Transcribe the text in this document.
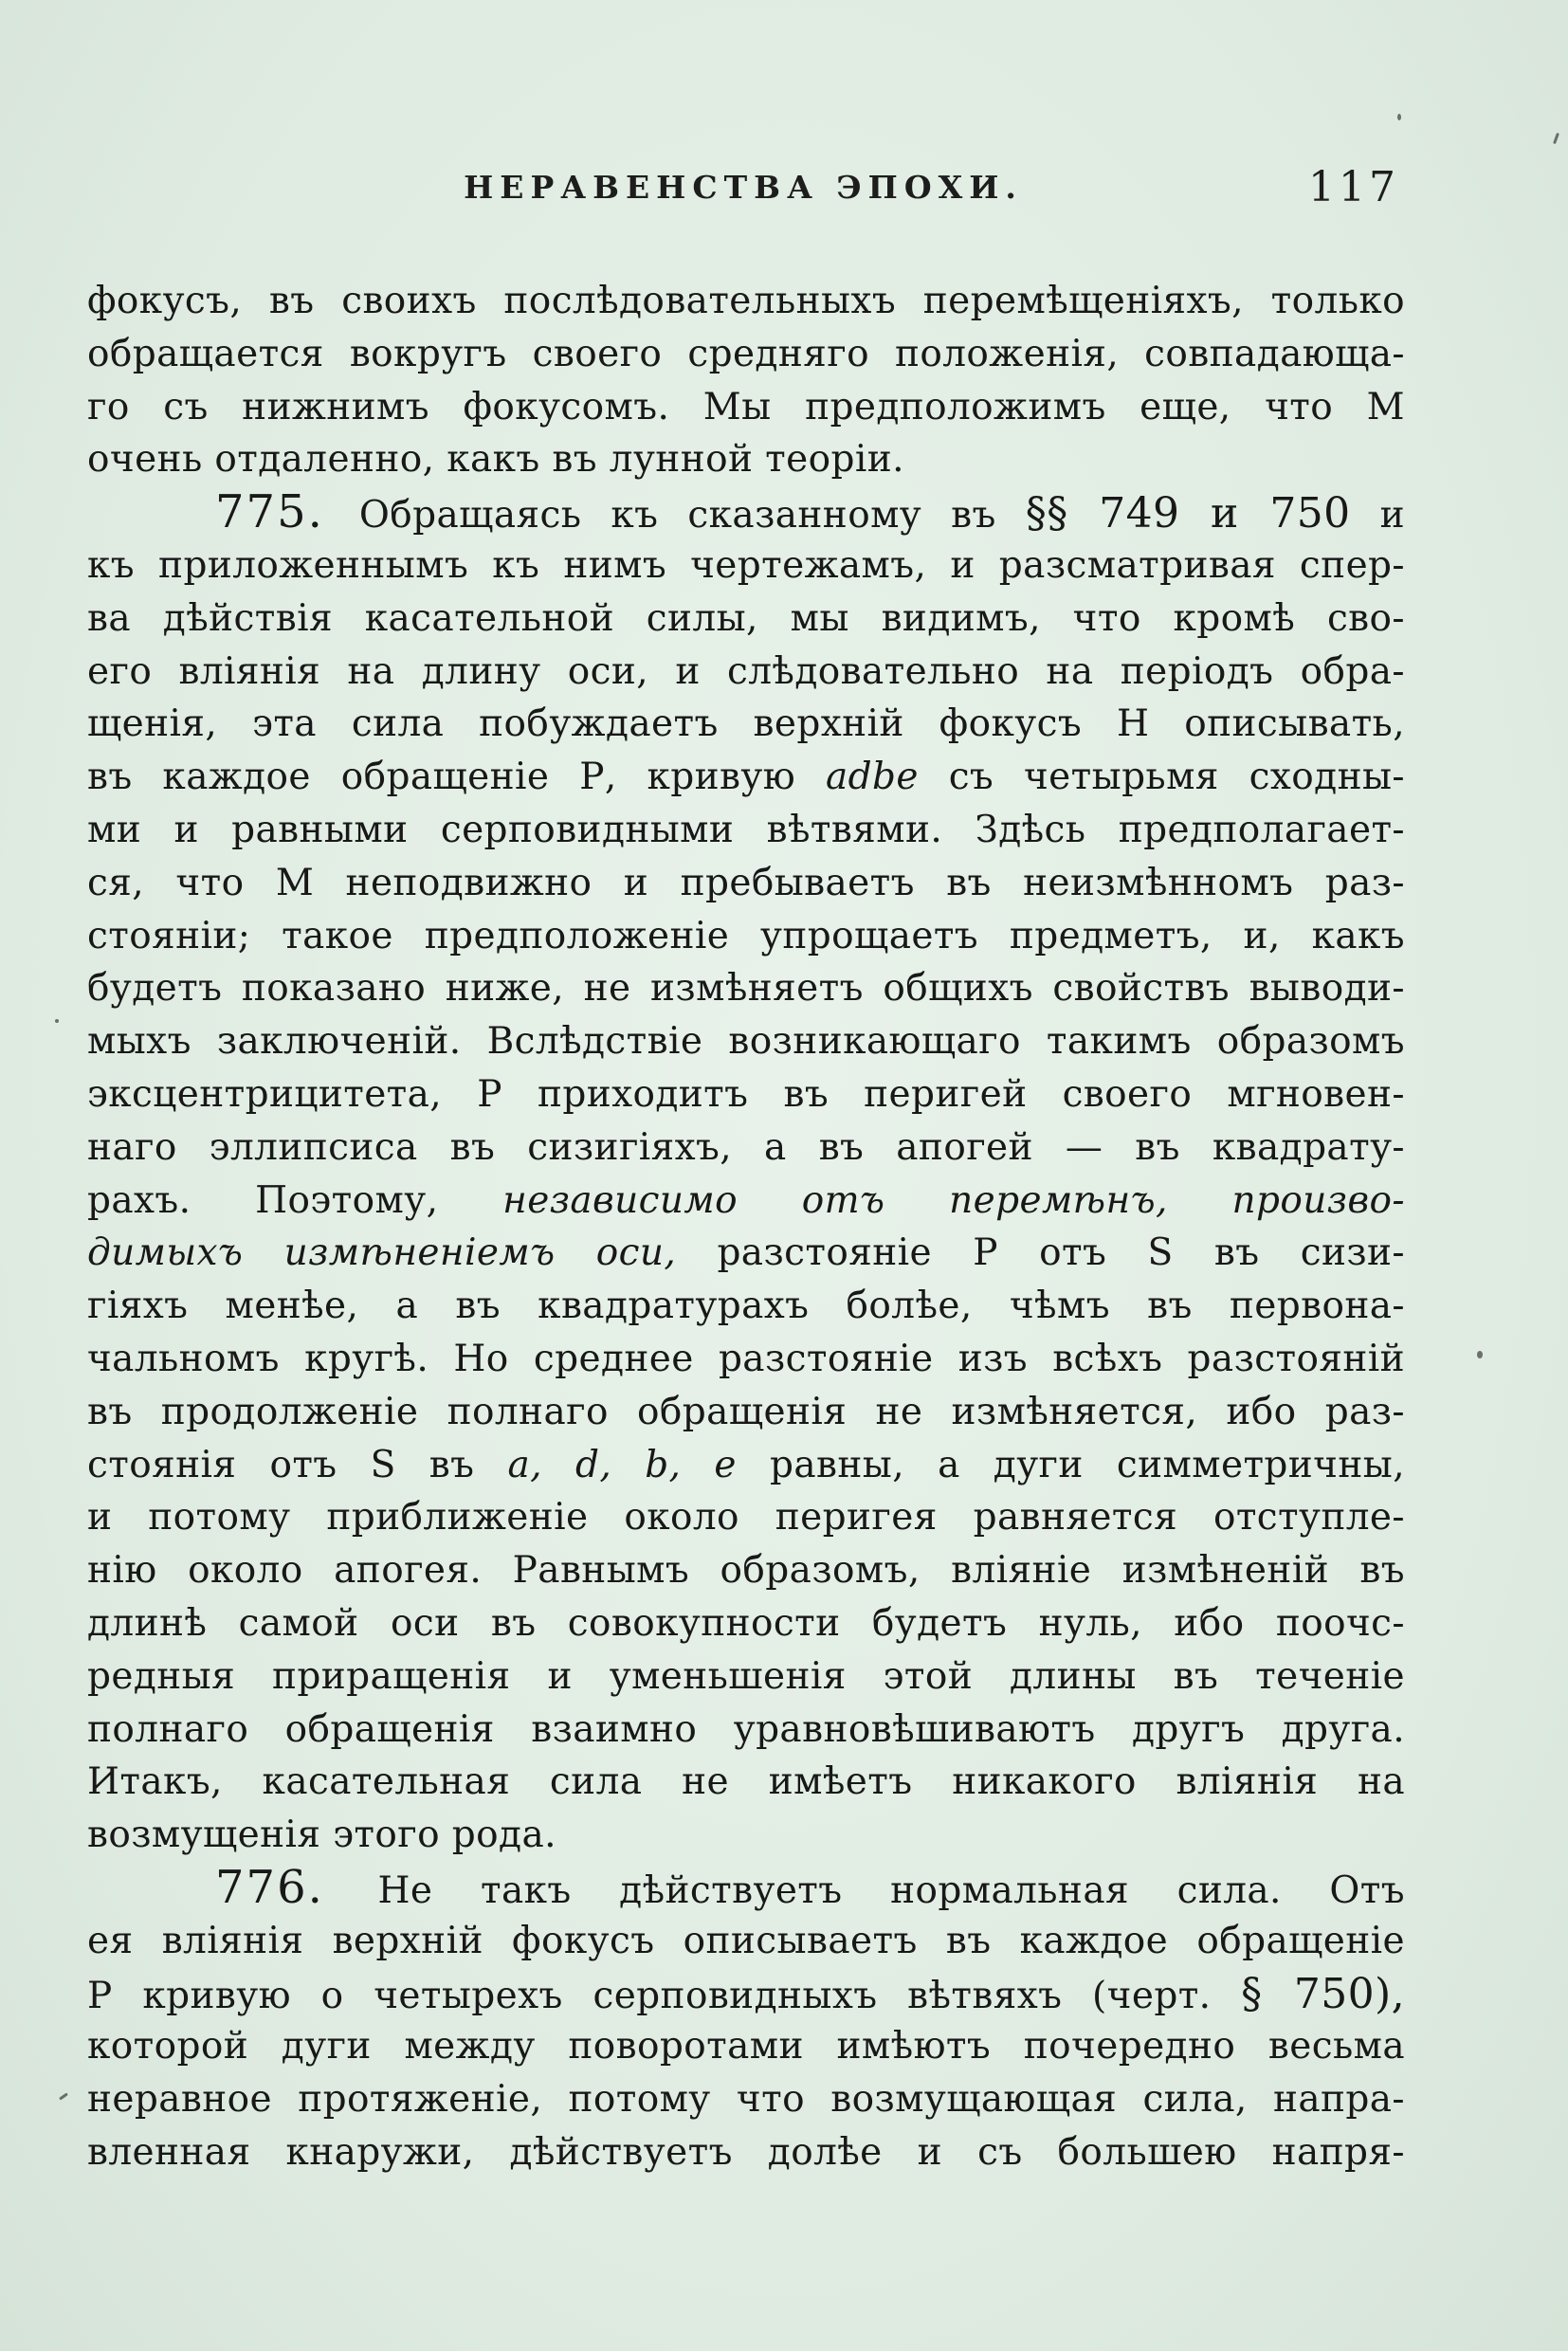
НЕРАВЕНСТВА ЭПОХИ.	117
фокусъ, въ своихъ послѣдовательныхъ перемѣщеніяхъ, только
обращается вокругъ своего средняго положенія, совпадающа-
го съ нижнимъ фокусомъ. Мы предположимъ еще, что М
очень отдаленно, какъ въ лунной теоріи.
775. Обращаясь къ сказанному въ §§ 749 и 750 и
къ приложеннымъ къ нимъ чертежамъ, и разсматривая спер-
ва дѣйствія касательной силы, мы видимъ, что кромѣ сво-
его вліянія на длину оси, и слѣдовательно на періодъ обра-
щенія, эта сила побуждаетъ верхній фокусъ Н описывать,
въ каждое обращеніе Р, кривую adbe съ четырьмя сходны-
ми и равными серповидными вѣтвями. Здѣсь предполагает-
ся, что М неподвижно и пребываетъ въ неизмѣнномъ раз-
стояніи; такое предположеніе упрощаетъ предметъ, и, какъ
будетъ показано ниже, не измѣняетъ общихъ свойствъ выводи-
мыхъ заключеній. Вслѣдствіе возникающаго такимъ образомъ
эксцентрицитета, Р приходитъ въ перигей своего мгновен-
наго эллипсиса въ сизигіяхъ, а въ апогей — въ квадрату-
рахъ. Поэтому, независимо отъ перемѣнъ, произво-
димыхъ измѣненіемъ оси, разстояніе Р отъ S въ сизи-
гіяхъ менѣе, а въ квадратурахъ болѣе, чѣмъ въ первона-
чальномъ кругѣ. Но среднее разстояніе изъ всѣхъ разстояній
въ продолженіе полнаго обращенія не измѣняется, ибо раз-
стоянія отъ S въ a, d, b, e равны, а дуги симметричны,
и потому приближеніе около перигея равняется отступле-
нію около апогея. Равнымъ образомъ, вліяніе измѣненій въ
длинѣ самой оси въ совокупности будетъ нуль, ибо поочс-
редныя приращенія и уменьшенія этой длины въ теченіе
полнаго обращенія взаимно уравновѣшиваютъ другъ друга.
Итакъ, касательная сила не имѣетъ никакого вліянія на
возмущенія этого рода.
776. Не такъ дѣйствуетъ нормальная сила. Отъ
ея вліянія верхній фокусъ описываетъ въ каждое обращеніе
Р кривую о четырехъ серповидныхъ вѣтвяхъ (черт. § 750),
которой дуги между поворотами имѣютъ почередно весьма
неравное протяженіе, потому что возмущающая сила, напра-
вленная кнаружи, дѣйствуетъ долѣе и съ большею напря-
